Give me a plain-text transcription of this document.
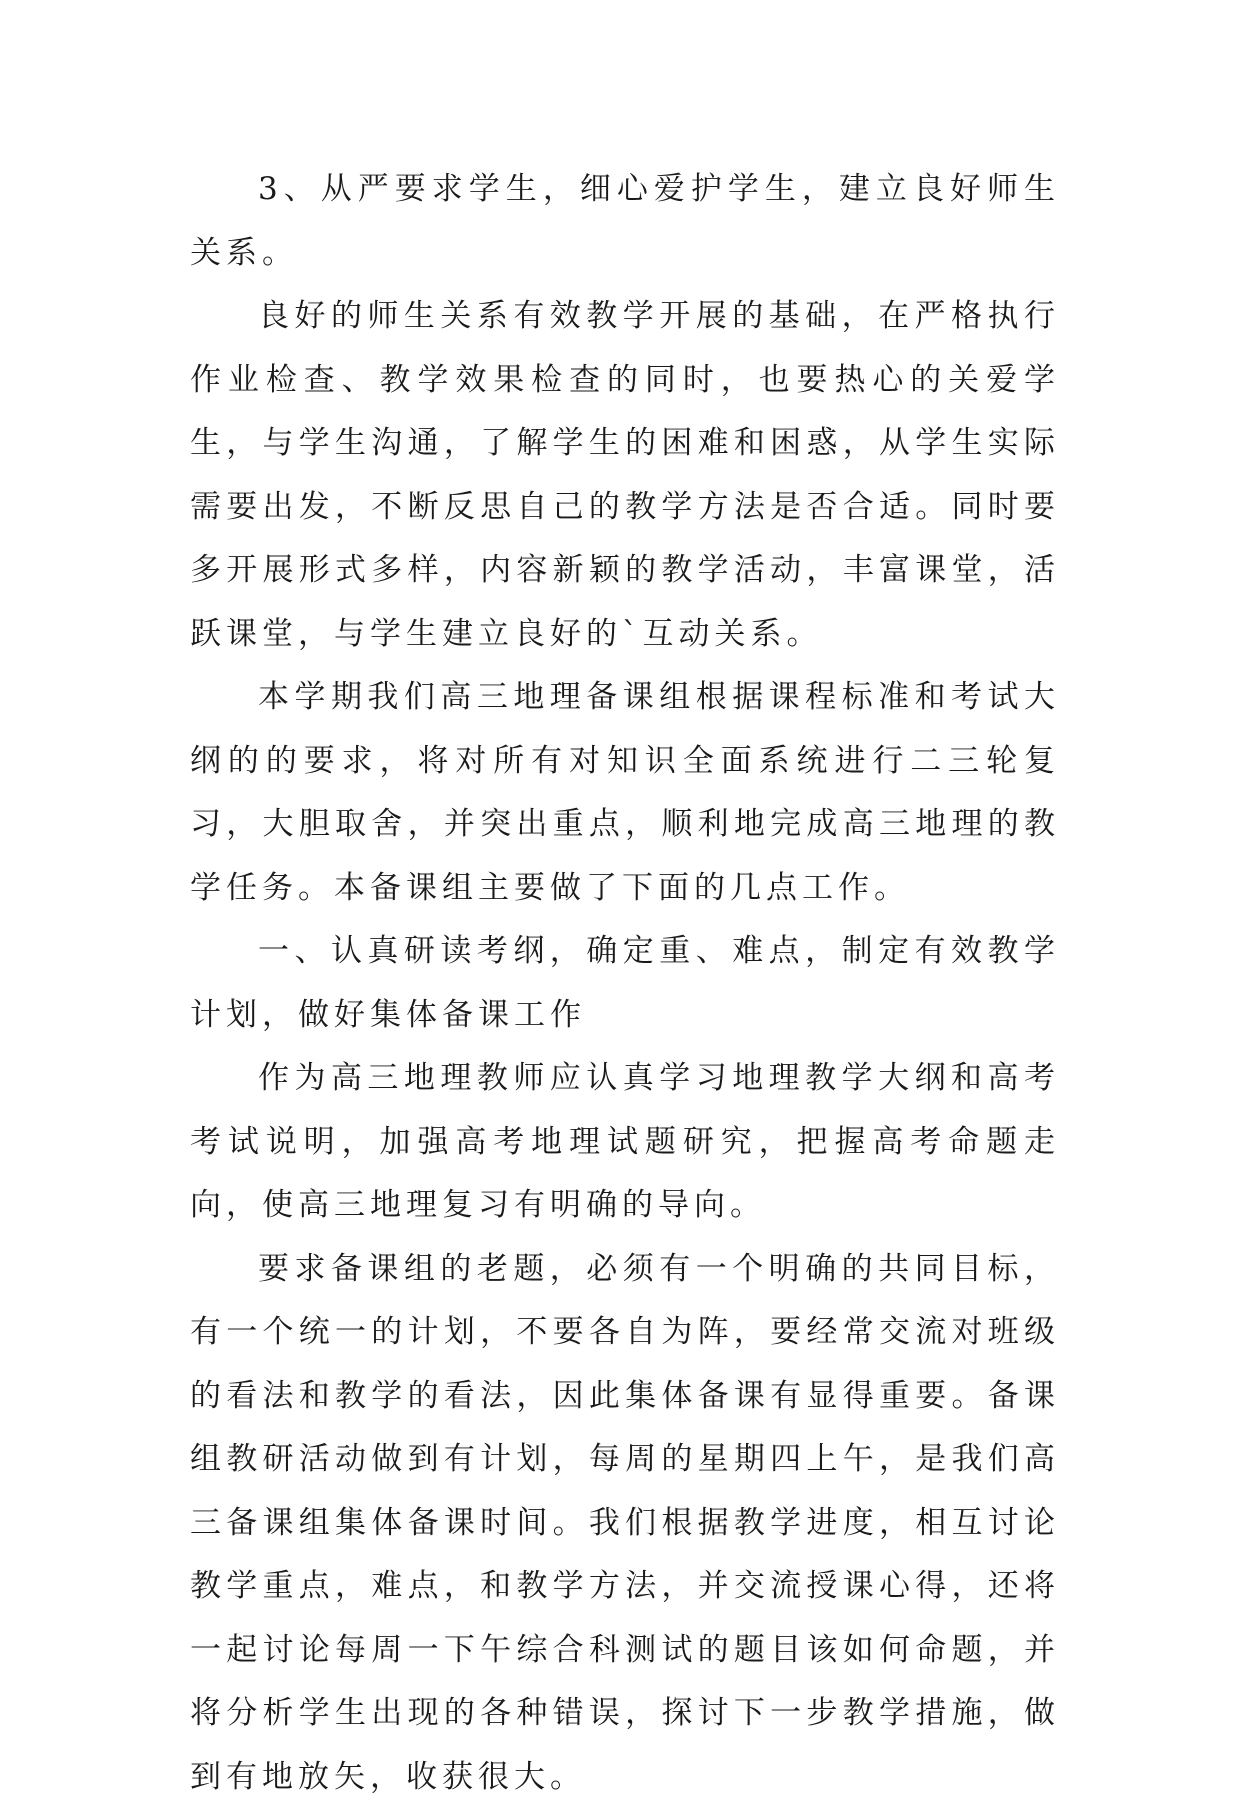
3、从严要求学生，细心爱护学生，建立良好师生关系。

良好的师生关系有效教学开展的基础，在严格执行作业检查、教学效果检查的同时，也要热心的关爱学生，与学生沟通，了解学生的困难和困惑，从学生实际需要出发，不断反思自己的教学方法是否合适。同时要多开展形式多样，内容新颖的教学活动，丰富课堂，活跃课堂，与学生建立良好的`互动关系。

本学期我们高三地理备课组根据课程标准和考试大纲的的要求，将对所有对知识全面系统进行二三轮复习，大胆取舍，并突出重点，顺利地完成高三地理的教学任务。本备课组主要做了下面的几点工作。

一、认真研读考纲，确定重、难点，制定有效教学计划，做好集体备课工作

作为高三地理教师应认真学习地理教学大纲和高考考试说明，加强高考地理试题研究，把握高考命题走向，使高三地理复习有明确的导向。

要求备课组的老题，必须有一个明确的共同目标，有一个统一的计划，不要各自为阵，要经常交流对班级的看法和教学的看法，因此集体备课有显得重要。备课组教研活动做到有计划，每周的星期四上午，是我们高三备课组集体备课时间。我们根据教学进度，相互讨论教学重点，难点，和教学方法，并交流授课心得，还将一起讨论每周一下午综合科测试的题目该如何命题，并将分析学生出现的各种错误，探讨下一步教学措施，做到有地放矢，收获很大。
